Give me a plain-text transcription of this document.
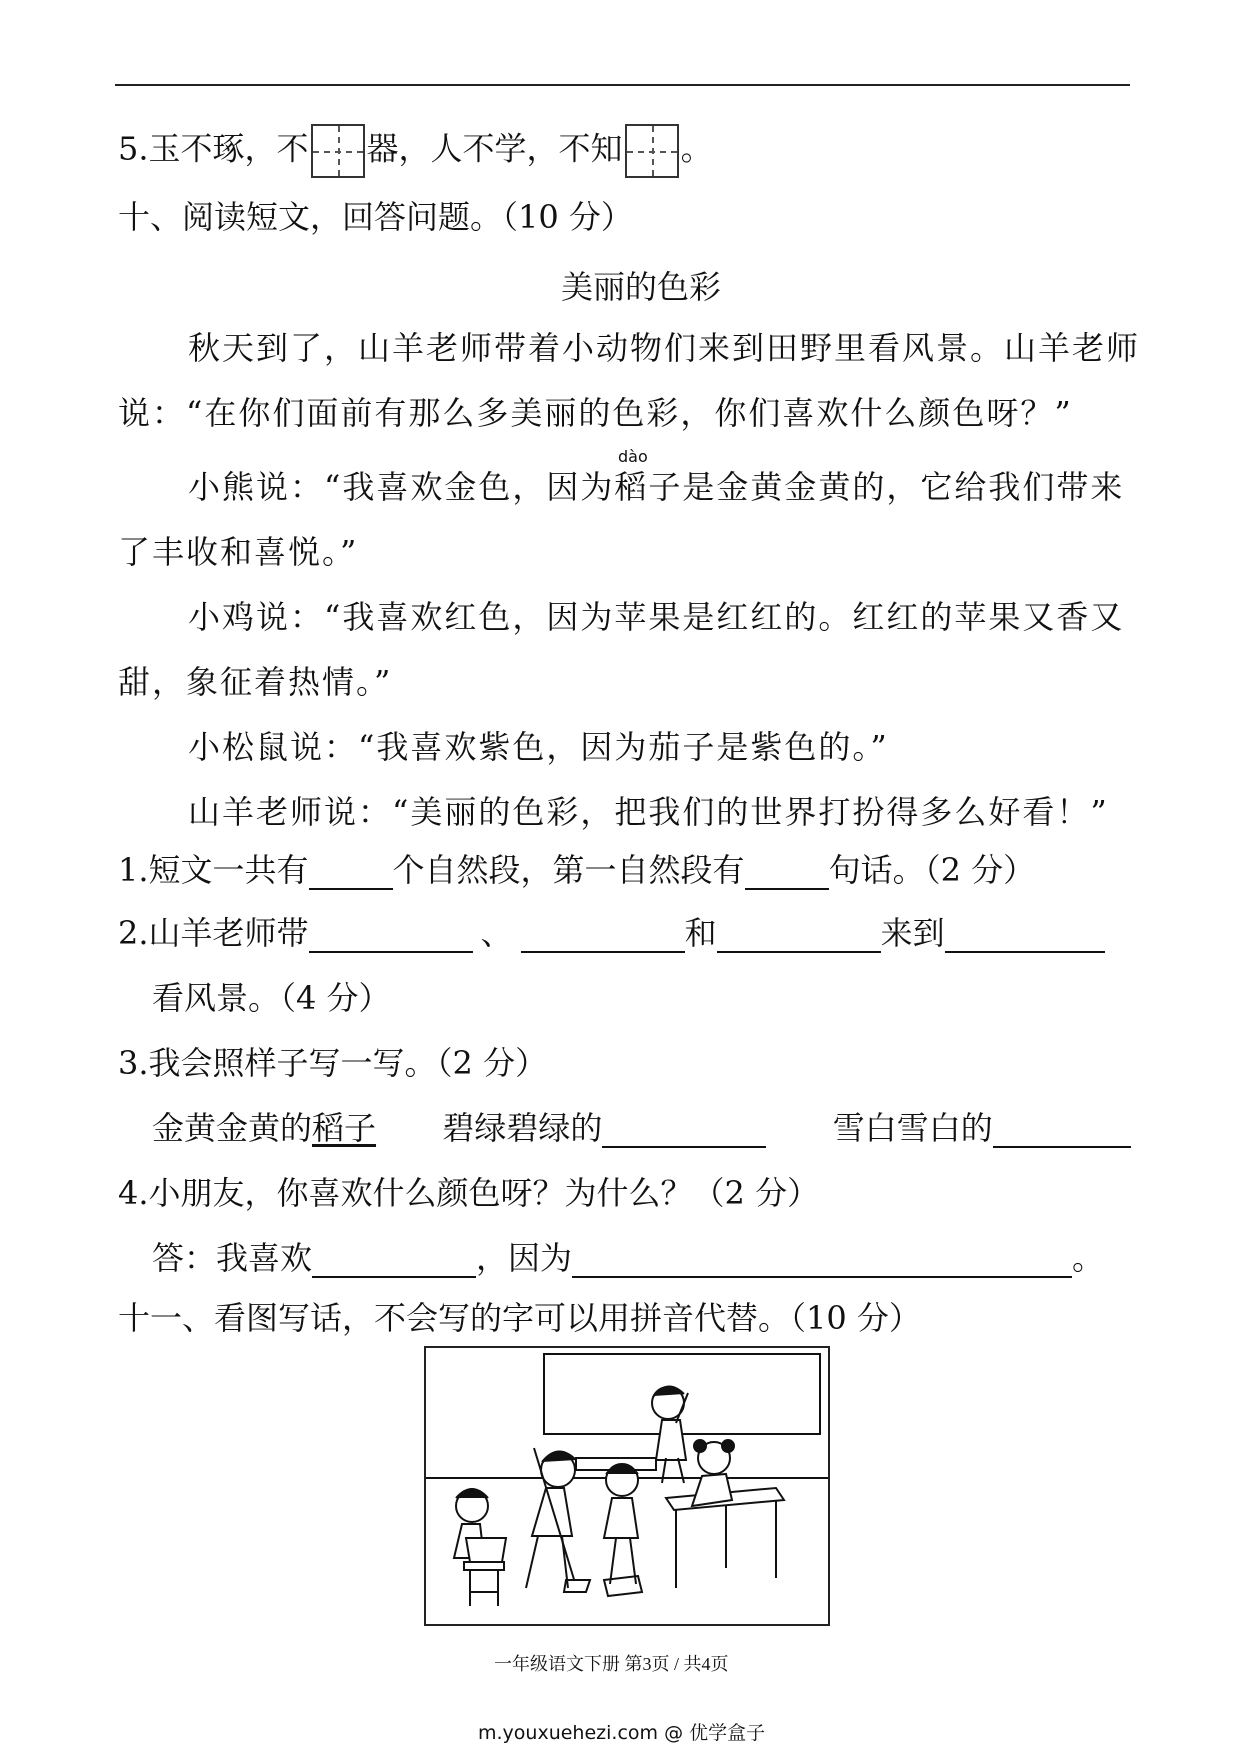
5.玉不琢，不 器，人不学，不知 。
十、阅读短文，回答问题。（10 分）
美丽的色彩
秋天到了，山羊老师带着小动物们来到田野里看风景。山羊老师
说：“在你们面前有那么多美丽的色彩，你们喜欢什么颜色呀？”
dào
小熊说：“我喜欢金色，因为稻子是金黄金黄的，它给我们带来
了丰收和喜悦。”
小鸡说：“我喜欢红色，因为苹果是红红的。红红的苹果又香又
甜，象征着热情。”
小松鼠说：“我喜欢紫色，因为茄子是紫色的。”
山羊老师说：“美丽的色彩，把我们的世界打扮得多么好看！”
1.短文一共有	个自然段，第一自然段有	句话。（2 分）
2.山羊老师带	、	和	来到
看风景。（4 分）
3.我会照样子写一写。（2 分）
金黄金黄的稻子 碧绿碧绿的	雪白雪白的
4.小朋友，你喜欢什么颜色呀？为什么？（2 分）
答：我喜欢	，因为	。
十一、看图写话，不会写的字可以用拼音代替。（10 分）
一年级语文下册 第3页 / 共4页
m.youxuehezi.com @ 优学盒子
